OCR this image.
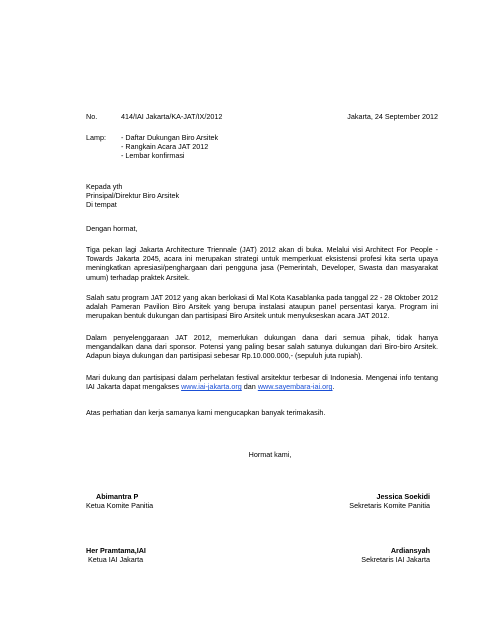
No.	414/IAI Jakarta/KA-JAT/IX/2012	Jakarta, 24 September 2012
Lamp: - Daftar Dukungan Biro Arsitek
- Rangkain Acara JAT 2012
- Lembar konfirmasi
Kepada yth
Prinsipal/Direktur Biro Arsitek
Di tempat
Dengan hormat,
Tiga pekan lagi Jakarta Architecture Triennale (JAT) 2012 akan di buka. Melalui visi Architect For People - Towards Jakarta 2045, acara ini merupakan strategi untuk memperkuat eksistensi profesi kita serta upaya meningkatkan apresiasi/penghargaan dari pengguna jasa (Pemerintah, Developer, Swasta dan masyarakat umum) terhadap praktek Arsitek.
Salah satu program JAT 2012 yang akan berlokasi di Mal Kota Kasablanka pada tanggal 22 - 28 Oktober 2012 adalah Pameran Pavilion Biro Arsitek yang berupa instalasi ataupun panel persentasi karya. Program ini merupakan bentuk dukungan dan partisipasi Biro Arsitek untuk menyukseskan acara JAT 2012.
Dalam penyelenggaraan JAT 2012, memerlukan dukungan dana dari semua pihak, tidak hanya mengandalkan dana dari sponsor. Potensi yang paling besar salah satunya dukungan dari Biro-biro Arsitek. Adapun biaya dukungan dan partisipasi sebesar Rp.10.000.000,- (sepuluh juta rupiah).
Mari dukung dan partisipasi dalam perhelatan festival arsitektur terbesar di Indonesia. Mengenai info tentang IAI Jakarta dapat mengakses www.iai-jakarta.org dan www.sayembara-iai.org.
Atas perhatian dan kerja samanya kami mengucapkan banyak terimakasih.
Hormat kami,
Abimantra P
Ketua Komite Panitia
Jessica Soekidi
Sekretaris Komite Panitia
Her Pramtama,IAI
Ketua IAI Jakarta
Ardiansyah
Sekretaris IAI Jakarta
